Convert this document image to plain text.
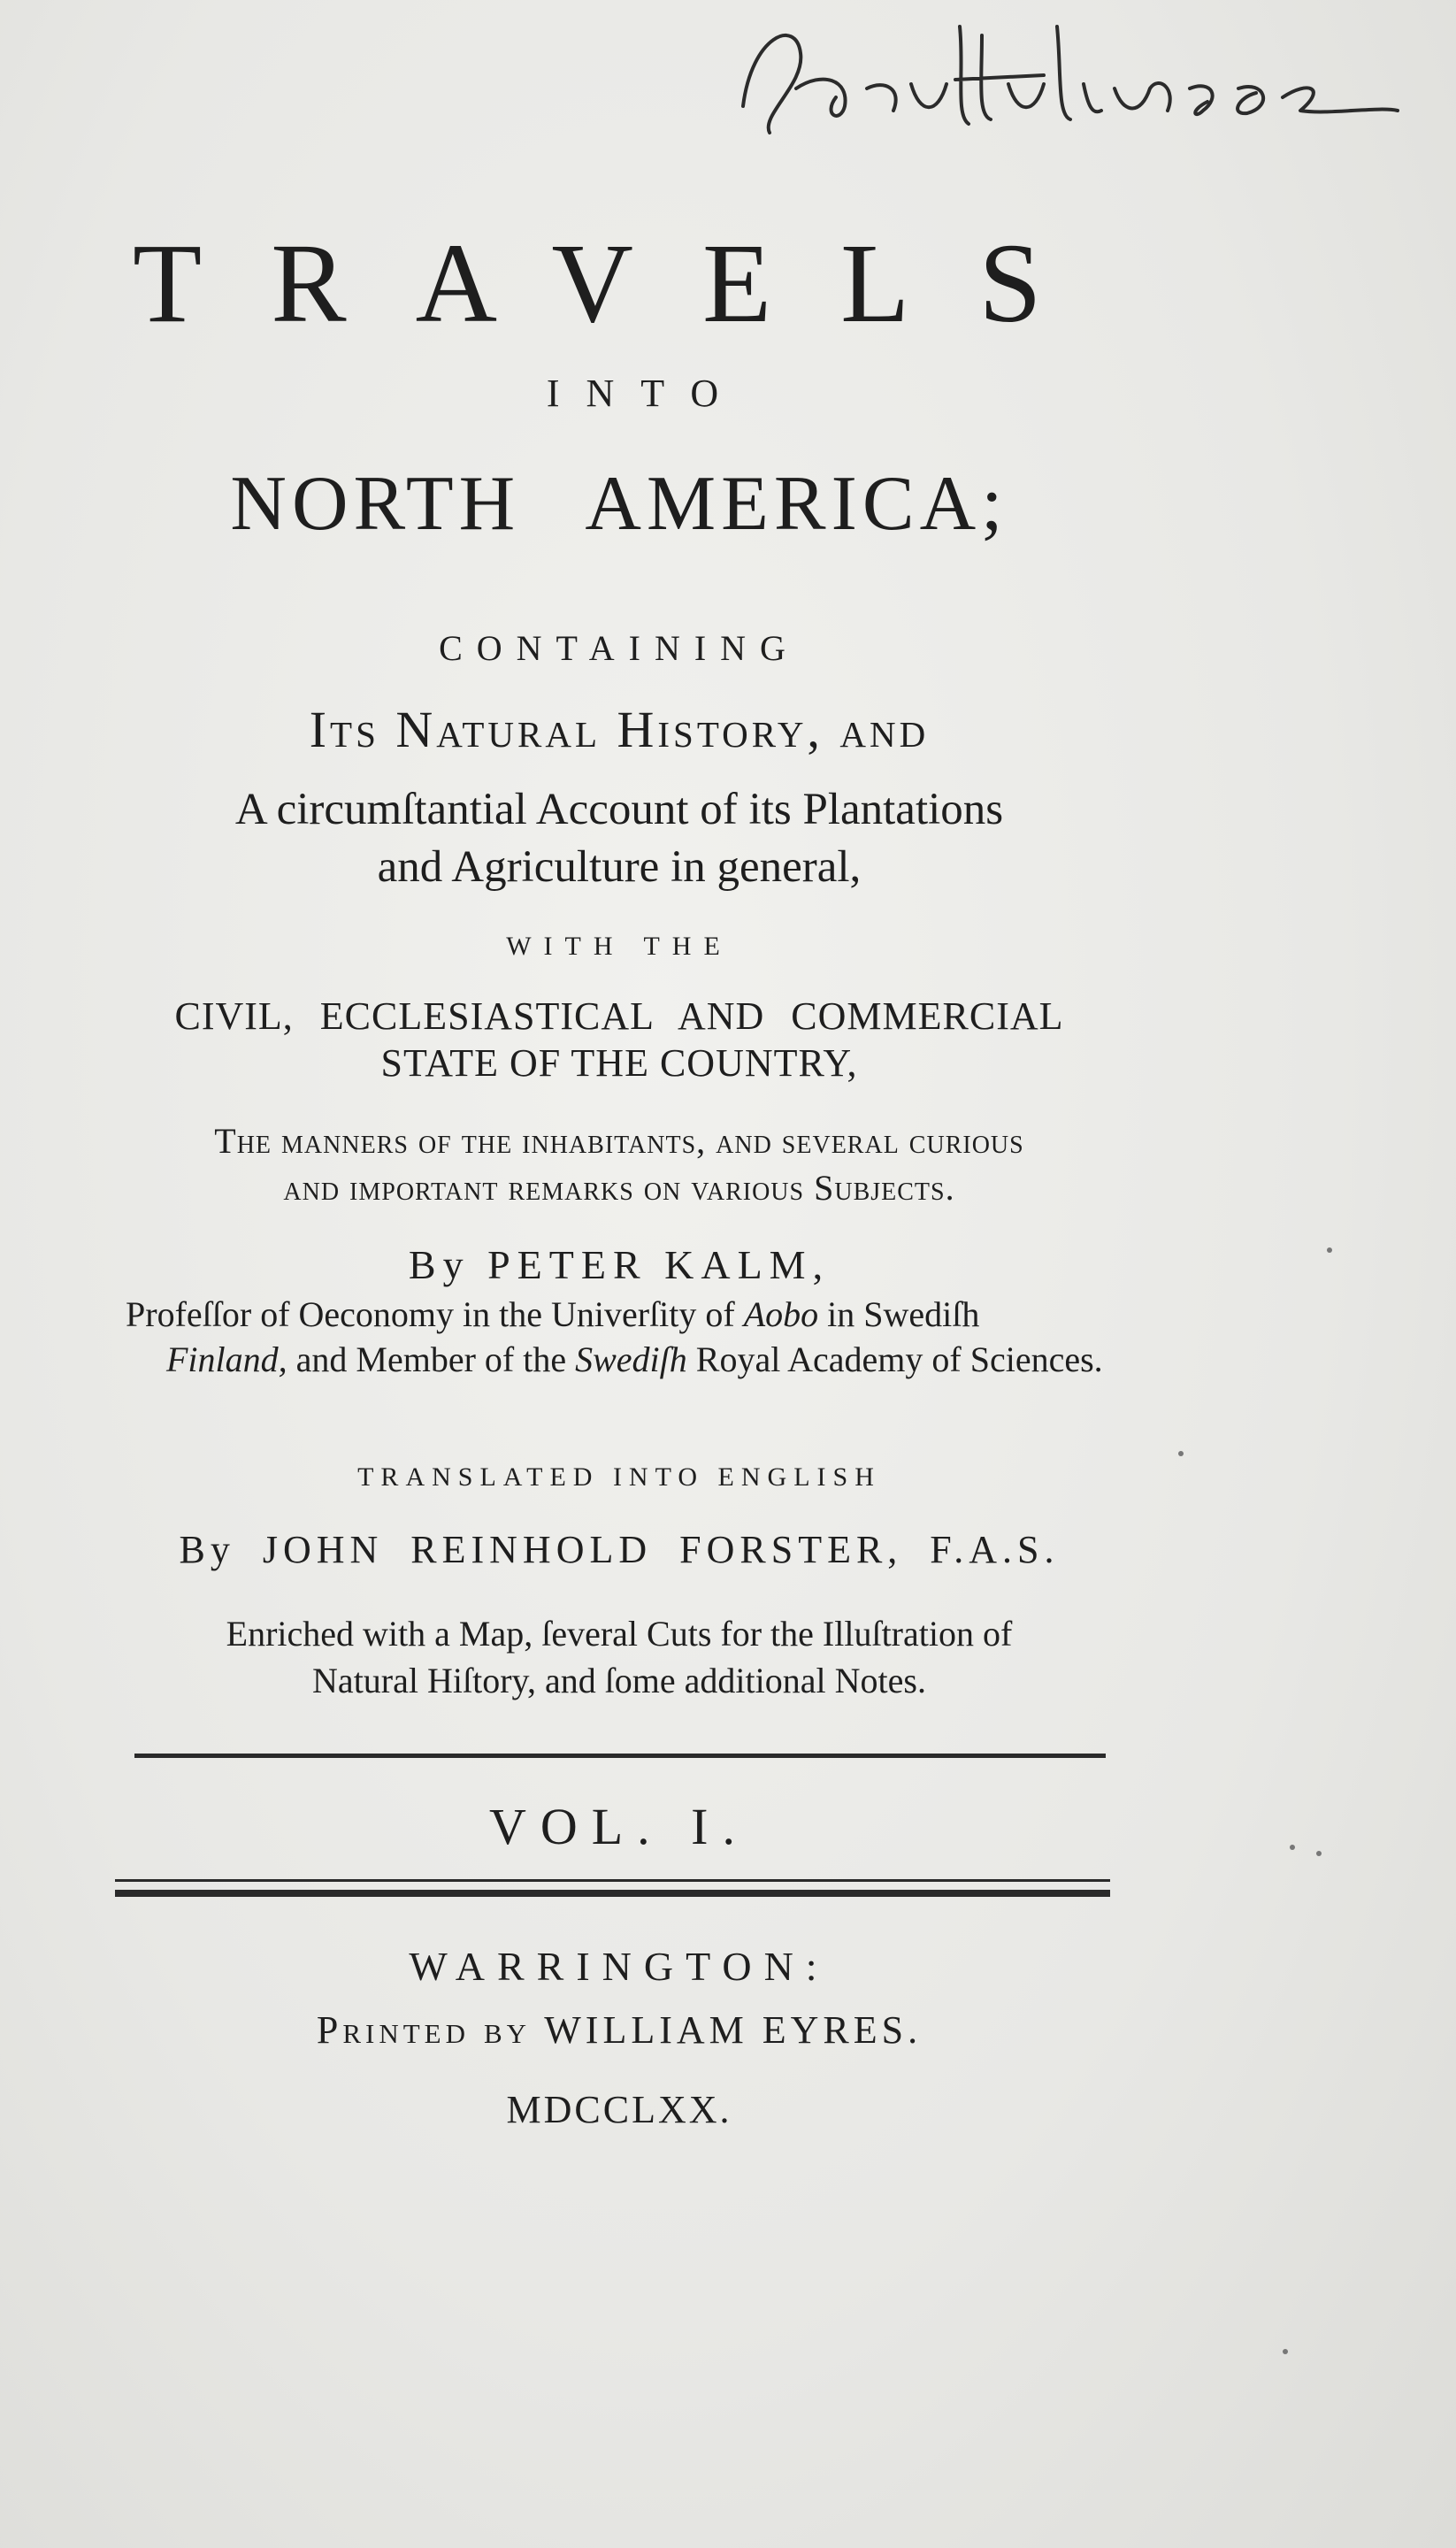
TRAVELS
INTO
NORTH AMERICA;
CONTAINING
Its Natural History, and
A circumſtantial Account of its Plantations
and Agriculture in general,
WITH THE
CIVIL, ECCLESIASTICAL AND COMMERCIAL
STATE OF THE COUNTRY,
The manners of the inhabitants, and ſeveral curious
and important remarks on various Subjects.
By PETER KALM,
Profeſſor of Oeconomy in the Univerſity of Aobo in Swediſh
Finland, and Member of the Swediſh Royal Academy of Sciences.
TRANSLATED INTO ENGLISH
By JOHN REINHOLD FORSTER, F.A.S.
Enriched with a Map, ſeveral Cuts for the Illuſtration of
Natural Hiſtory, and ſome additional Notes.
VOL. I.
WARRINGTON:
Printed by WILLIAM EYRES.
MDCCLXX.
